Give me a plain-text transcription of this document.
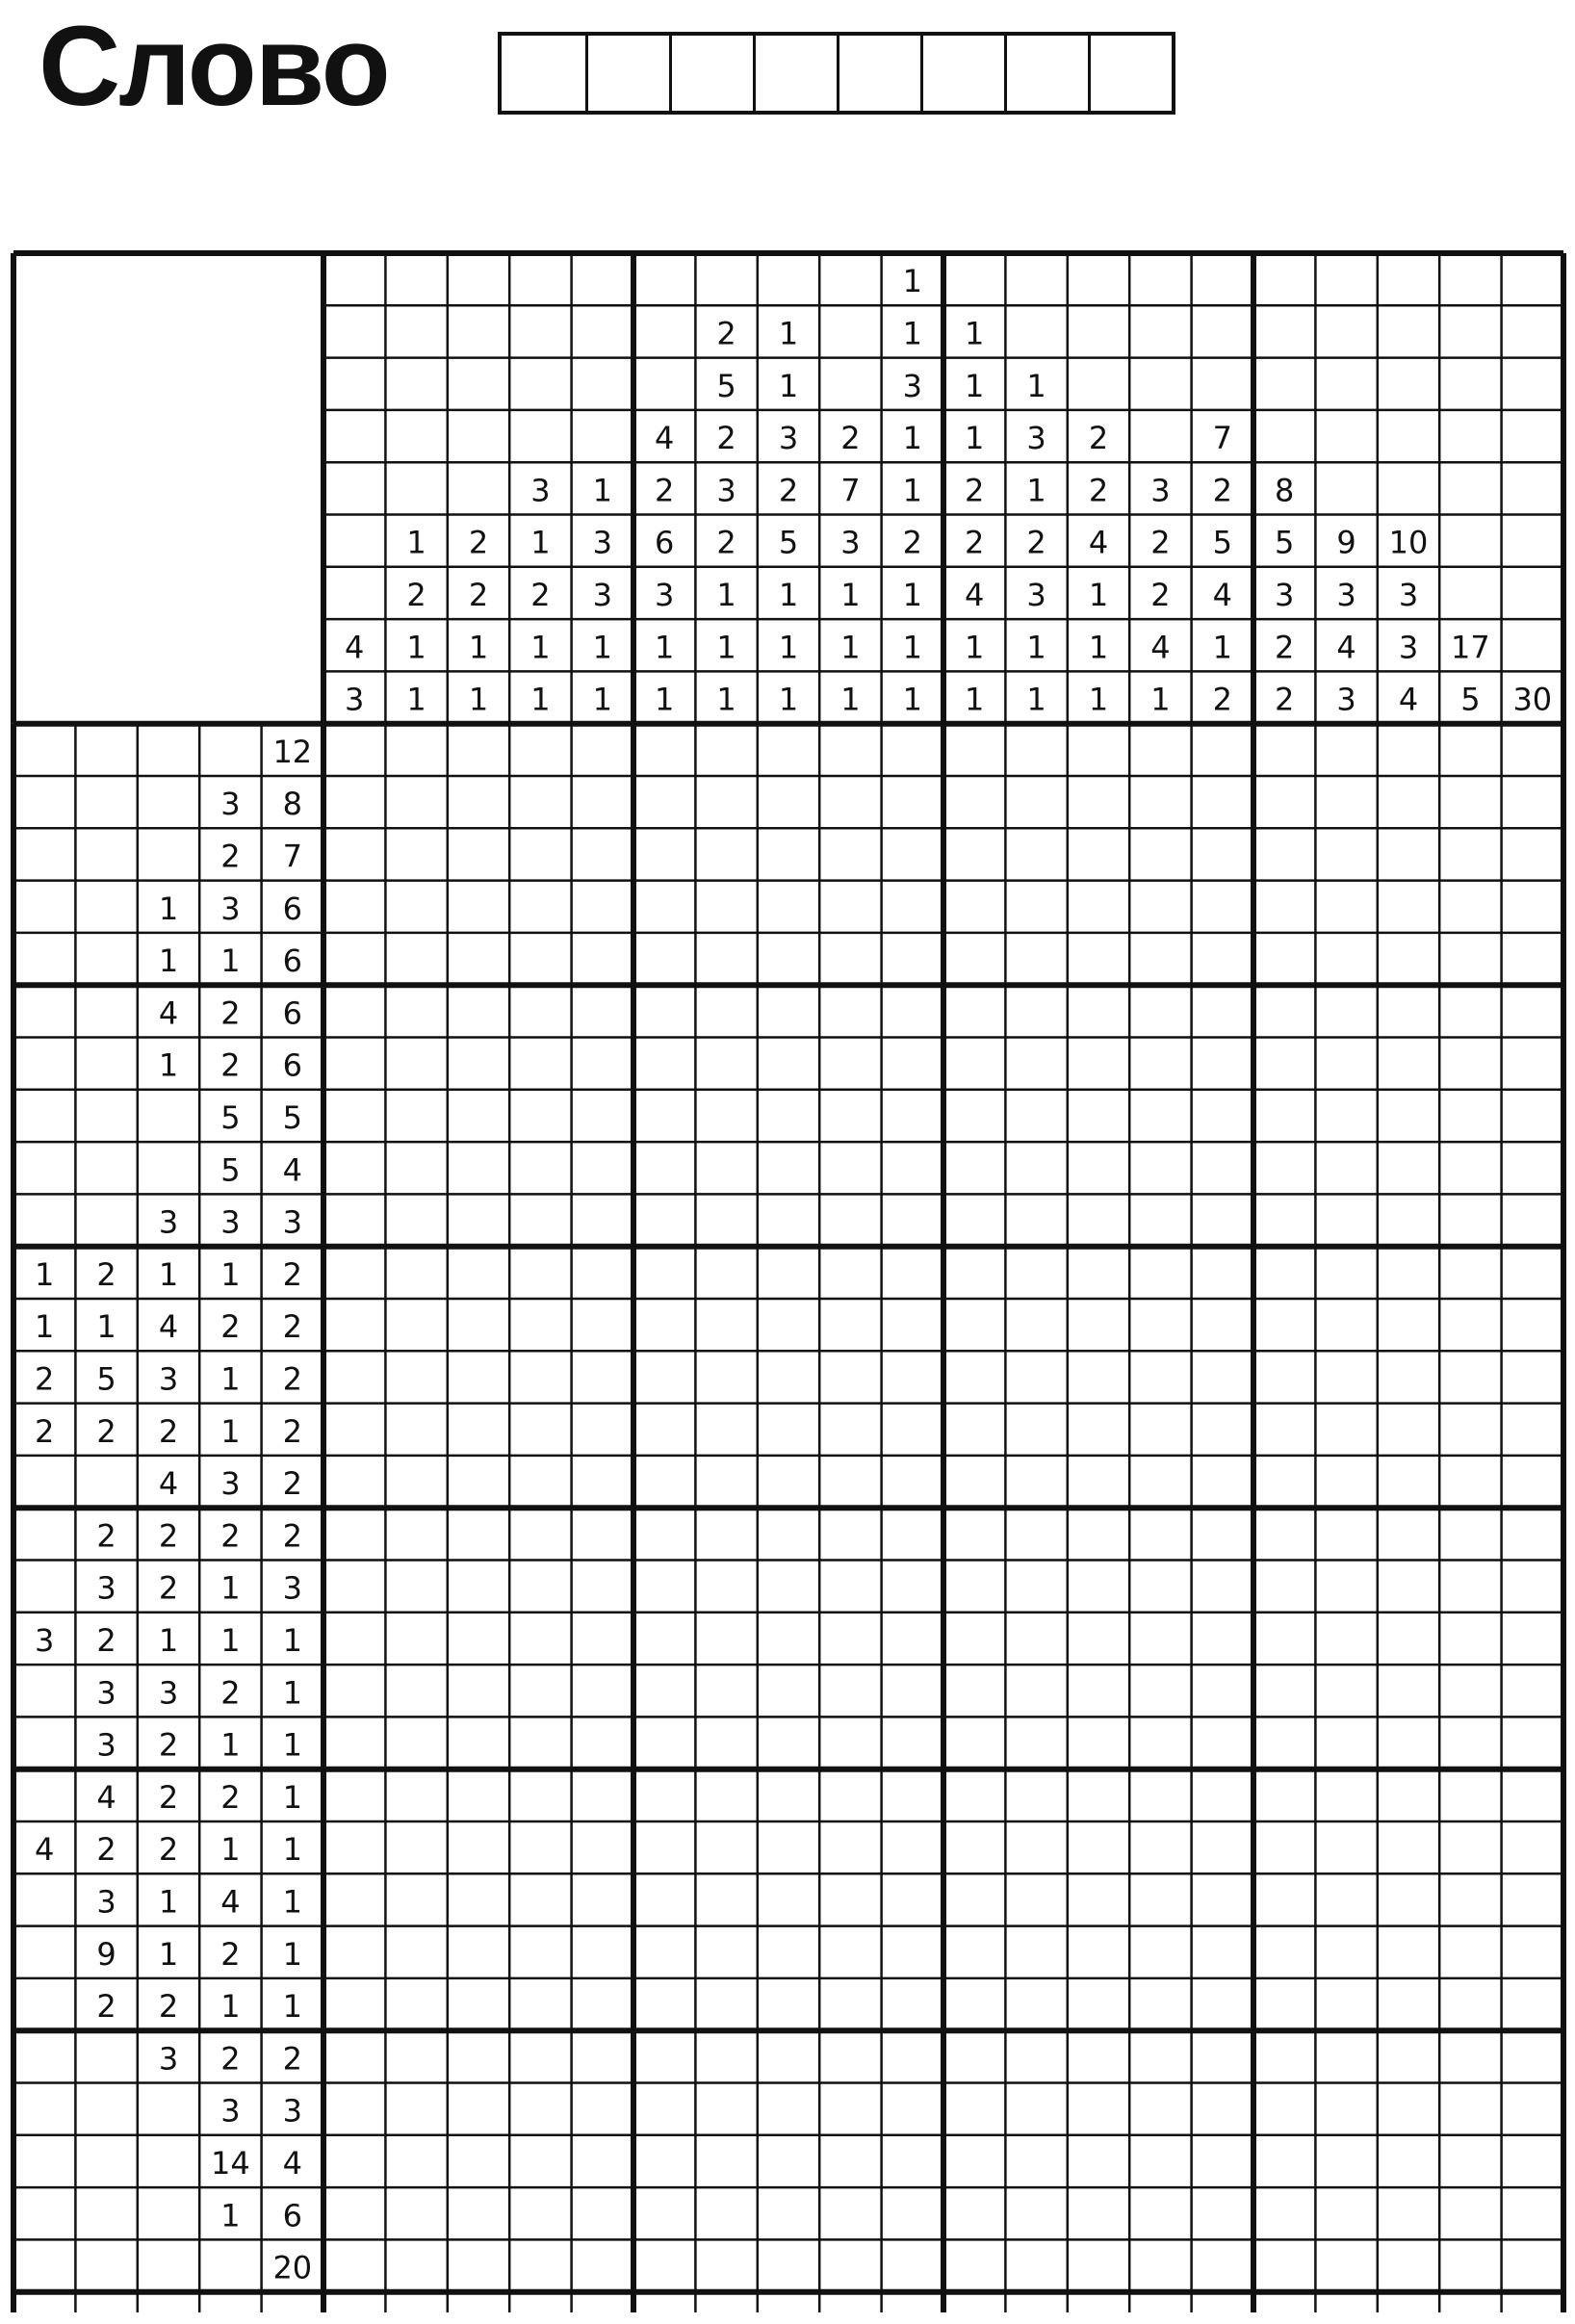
Слово
4
3
1
2
1
1
2
2
1
1
3
1
2
1
1
1
3
3
1
1
4
2
6
3
1
1
2
5
2
3
2
1
1
1
1
1
3
2
5
1
1
1
2
7
3
1
1
1
1
1
3
1
1
2
1
1
1
1
1
1
2
2
4
1
1
1
3
1
2
3
1
1
2
2
4
1
1
1
3
2
2
4
1
7
2
5
4
1
2
8
5
3
2
2
9
3
4
3
10
3
3
4
17
5 30
12
3 8
2 7
1 3 6
1 1 6
4 2 6
1 2 6
5 5
5 4
3 3 3
1 2 1 1 2
1 1 4 2 2
2 5 3 1 2
2 2 2 1 2
4 3 2
2 2 2 2
3 2 1 3
3 2 1 1 1
3 3 2 1
3 2 1 1
4 2 2 1
4 2 2 1 1
3 1 4 1
9 1 2 1
2 2 1 1
3 2 2
3 3
14 4
1 6
20
